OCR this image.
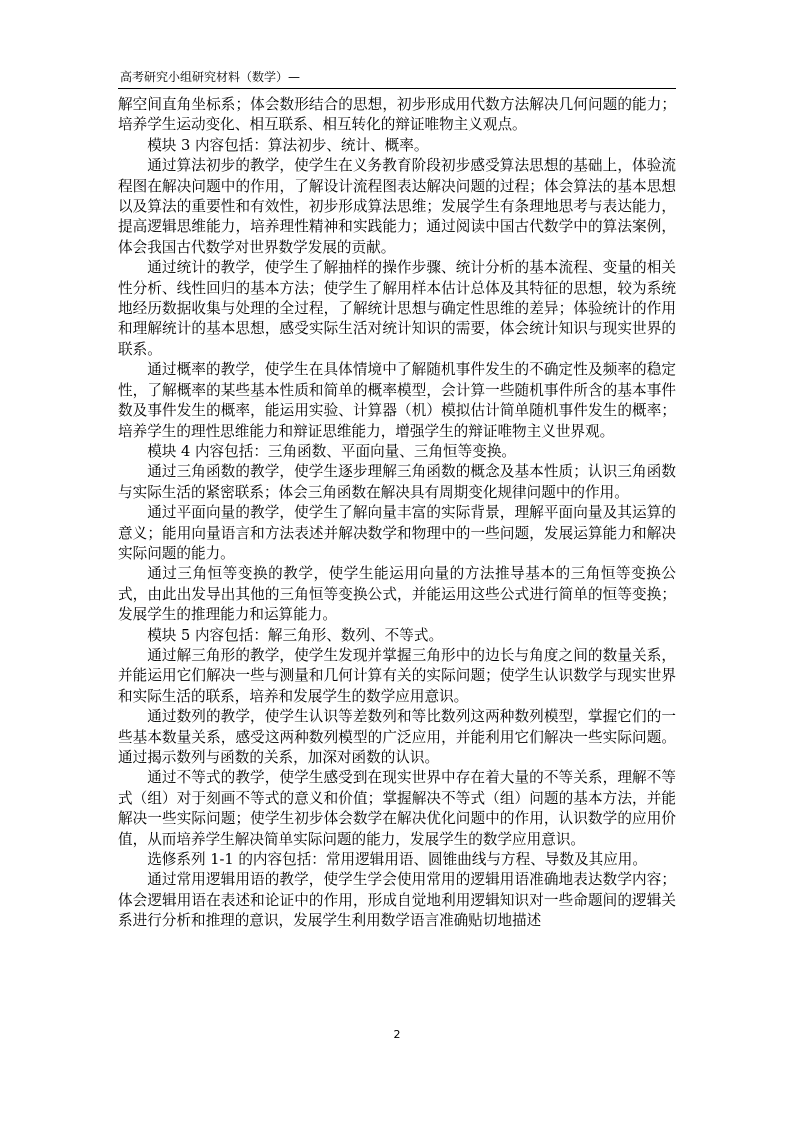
高考研究小组研究材料（数学）—

解空间直角坐标系；体会数形结合的思想，初步形成用代数方法解决几何问题的能力；培养学生运动变化、相互联系、相互转化的辩证唯物主义观点。

模块 3 内容包括：算法初步、统计、概率。

通过算法初步的教学，使学生在义务教育阶段初步感受算法思想的基础上，体验流程图在解决问题中的作用，了解设计流程图表达解决问题的过程；体会算法的基本思想以及算法的重要性和有效性，初步形成算法思维；发展学生有条理地思考与表达能力，提高逻辑思维能力，培养理性精神和实践能力；通过阅读中国古代数学中的算法案例，体会我国古代数学对世界数学发展的贡献。

通过统计的教学，使学生了解抽样的操作步骤、统计分析的基本流程、变量的相关性分析、线性回归的基本方法；使学生了解用样本估计总体及其特征的思想，较为系统地经历数据收集与处理的全过程，了解统计思想与确定性思维的差异；体验统计的作用和理解统计的基本思想，感受实际生活对统计知识的需要，体会统计知识与现实世界的联系。

通过概率的教学，使学生在具体情境中了解随机事件发生的不确定性及频率的稳定性，了解概率的某些基本性质和简单的概率模型，会计算一些随机事件所含的基本事件数及事件发生的概率，能运用实验、计算器（机）模拟估计简单随机事件发生的概率；培养学生的理性思维能力和辩证思维能力，增强学生的辩证唯物主义世界观。

模块 4 内容包括：三角函数、平面向量、三角恒等变换。

通过三角函数的教学，使学生逐步理解三角函数的概念及基本性质；认识三角函数与实际生活的紧密联系；体会三角函数在解决具有周期变化规律问题中的作用。

通过平面向量的教学，使学生了解向量丰富的实际背景，理解平面向量及其运算的意义；能用向量语言和方法表述并解决数学和物理中的一些问题，发展运算能力和解决实际问题的能力。

通过三角恒等变换的教学，使学生能运用向量的方法推导基本的三角恒等变换公式，由此出发导出其他的三角恒等变换公式，并能运用这些公式进行简单的恒等变换；发展学生的推理能力和运算能力。

模块 5 内容包括：解三角形、数列、不等式。

通过解三角形的教学，使学生发现并掌握三角形中的边长与角度之间的数量关系，并能运用它们解决一些与测量和几何计算有关的实际问题；使学生认识数学与现实世界和实际生活的联系，培养和发展学生的数学应用意识。

通过数列的教学，使学生认识等差数列和等比数列这两种数列模型，掌握它们的一些基本数量关系，感受这两种数列模型的广泛应用，并能利用它们解决一些实际问题。通过揭示数列与函数的关系，加深对函数的认识。

通过不等式的教学，使学生感受到在现实世界中存在着大量的不等关系，理解不等式（组）对于刻画不等式的意义和价值；掌握解决不等式（组）问题的基本方法，并能解决一些实际问题；使学生初步体会数学在解决优化问题中的作用，认识数学的应用价值，从而培养学生解决简单实际问题的能力，发展学生的数学应用意识。

选修系列 1-1 的内容包括：常用逻辑用语、圆锥曲线与方程、导数及其应用。

通过常用逻辑用语的教学，使学生学会使用常用的逻辑用语准确地表达数学内容；体会逻辑用语在表述和论证中的作用，形成自觉地利用逻辑知识对一些命题间的逻辑关系进行分析和推理的意识，发展学生利用数学语言准确贴切地描述

2
